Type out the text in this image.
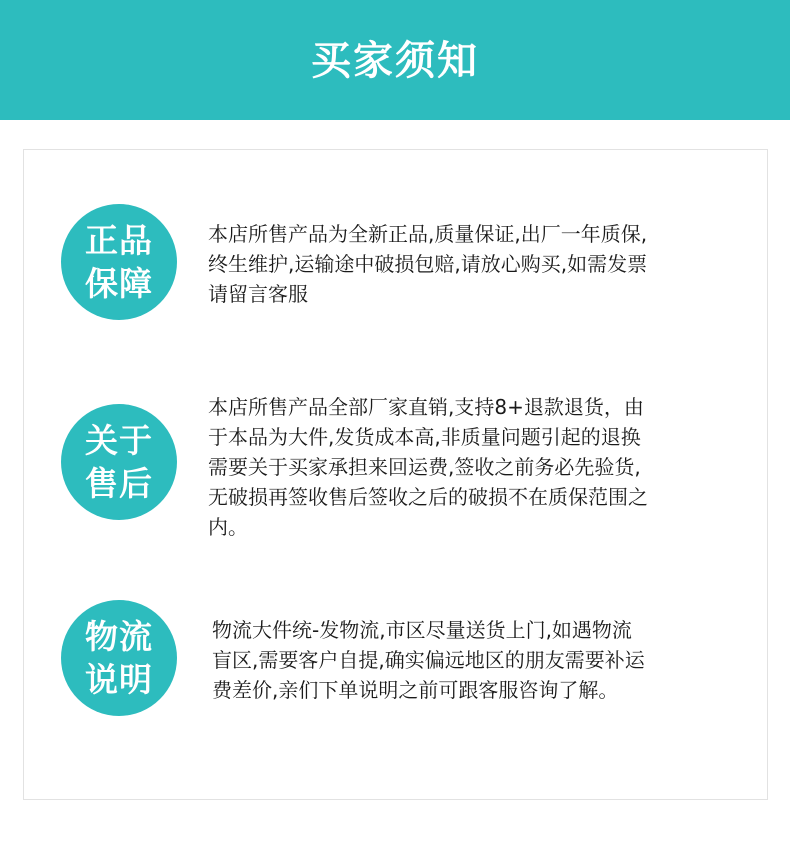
买家须知
正品
保障
本店所售产品为全新正品,质量保证,出厂一年质保,
终生维护,运输途中破损包赔,请放心购买,如需发票
请留言客服
关于
售后
本店所售产品全部厂家直销,支持8+退款退货，由
于本品为大件,发货成本高,非质量问题引起的退换
需要关于买家承担来回运费,签收之前务必先验货,
无破损再签收售后签收之后的破损不在质保范围之
内。
物流
说明
物流大件统-发物流,市区尽量送货上门,如遇物流
盲区,需要客户自提,确实偏远地区的朋友需要补运
费差价,亲们下单说明之前可跟客服咨询了解。
